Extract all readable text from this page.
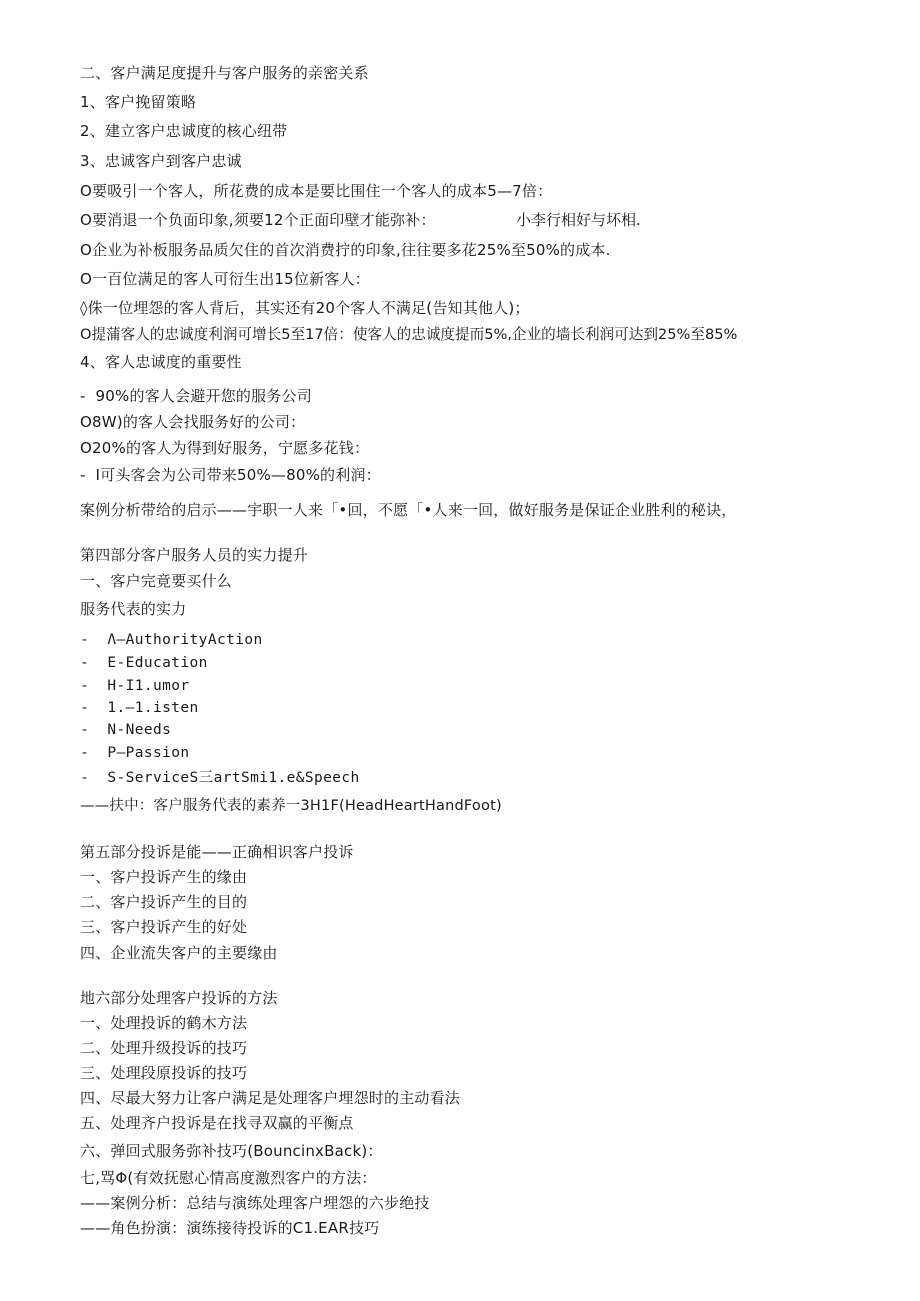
二、客户满足度提升与客户服务的亲密关系
1、客户挽留策略
2、建立客户忠诚度的核心纽带
3、忠诚客户到客户忠诚
O要吸引一个客人，所花费的成本是要比围住一个客人的成本5—7倍：
O要消退一个负面印象,须要12个正面印壁才能弥补：	小李行相好与坏相.
O企业为补板服务品质欠住的首次消费拧的印象,往往要多花25%至50%的成本.
O一百位满足的客人可衍生出15位新客人：
◊侏一位埋怨的客人背后，其实还有20个客人不满足(告知其他人)；
O提蒲客人的忠诚度利润可增长5至17倍：使客人的忠诚度提而5%,企业的墙长利润可达到25%至85%
4、客人忠诚度的重要性
-  90%的客人会避开您的服务公司
O8W)的客人会找服务好的公司：
O20%的客人为得到好服务，宁愿多花钱：
-  I可头客会为公司带来50%—80%的利润：
案例分析带给的启示——宇职一人来「•回，不愿「•人来一回，做好服务是保证企业胜利的秘诀，
第四部分客户服务人员的实力提升
一、客户完竟要买什么
服务代表的实力
-  Λ—AuthorityAction
-  E-Education
-  H-I1.umor
-  1.—1.isten
-  N-Needs
-  P—Passion
-  S-ServiceS三artSmi1.e&Speech
——扶中：客户服务代表的素养一3H1F(HeadHeartHandFoot)
第五部分投诉是能——正确相识客户投诉
一、客户投诉产生的缘由
二、客户投诉产生的目的
三、客户投诉产生的好处
四、企业流失客户的主要缘由
地六部分处理客户投诉的方法
一、处理投诉的鹤木方法
二、处理升级投诉的技巧
三、处理段原投诉的技巧
四、尽最大努力让客户满足是处理客户埋怨时的主动看法
五、处理齐户投诉是在找寻双赢的平衡点
六、弹回式服务弥补技巧(BouncinxBack)：
七,骂Φ(有效抚慰心情高度激烈客户的方法：
——案例分析：总结与演练处理客户埋怨的六步绝技
——角色扮演：演练接待投诉的C1.EAR技巧
